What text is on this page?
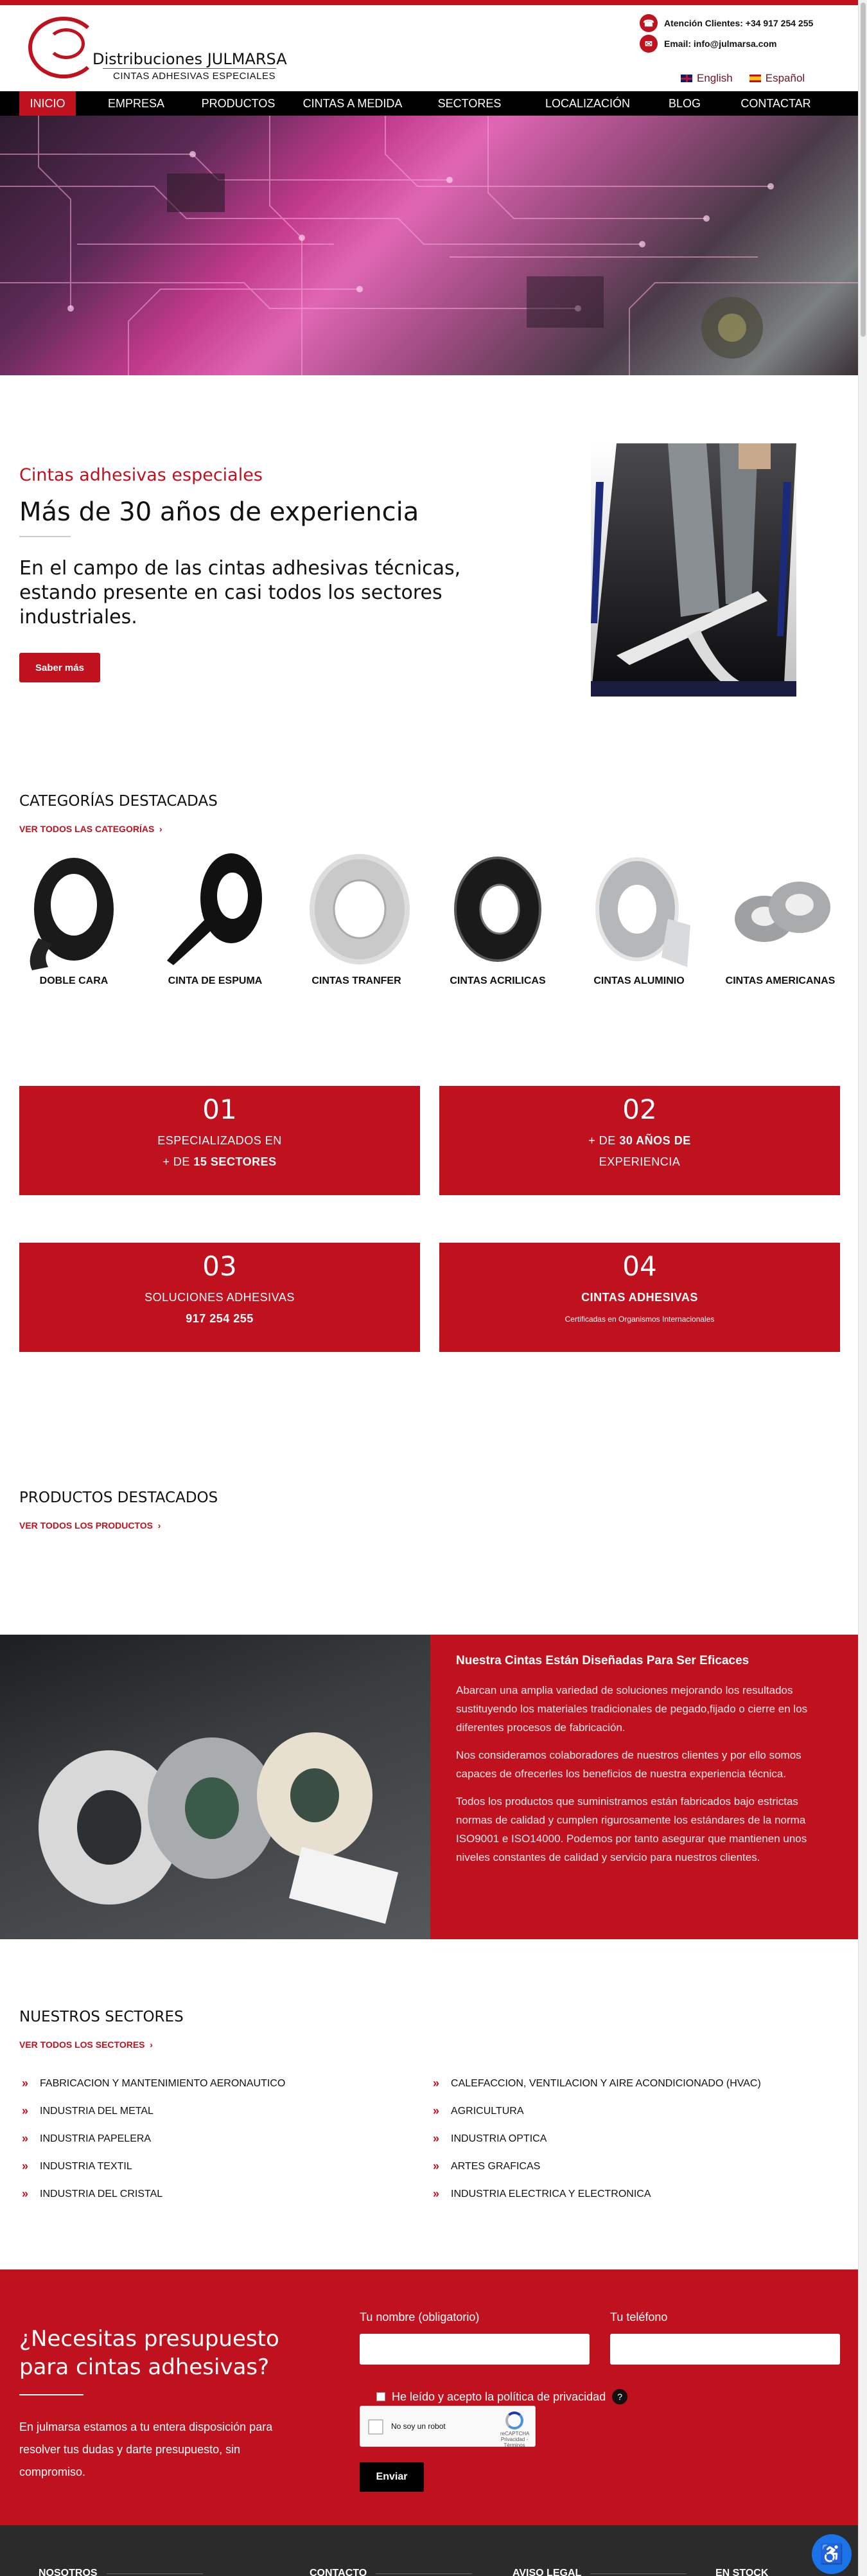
Distribuciones JULMARSA
CINTAS ADHESIVAS ESPECIALES
☎	Atención Clientes: +34 917 254 255
✉	Email: info@julmarsa.com
English	Español
INICIO	EMPRESA	PRODUCTOS	CINTAS A MEDIDA	SECTORES	LOCALIZACIÓN	BLOG	CONTACTAR
Cintas adhesivas especiales
Más de 30 años de experiencia
En el campo de las cintas adhesivas técnicas, estando presente en casi todos los sectores industriales.
Saber más
CATEGORÍAS DESTACADAS
VER TODOS LAS CATEGORÍAS  ›
DOBLE CARA	CINTA DE ESPUMA	CINTAS TRANFER	CINTAS ACRILICAS	CINTAS ALUMINIO	CINTAS AMERICANAS
01
ESPECIALIZADOS EN
+ DE 15 SECTORES
02
+ DE 30 AÑOS DE
EXPERIENCIA
03
SOLUCIONES ADHESIVAS
917 254 255
04
CINTAS ADHESIVAS
Certificadas en Organismos Internacionales
PRODUCTOS DESTACADOS
VER TODOS LOS PRODUCTOS  ›
Nuestra Cintas Están Diseñadas Para Ser Eficaces

Abarcan una amplia variedad de soluciones mejorando los resultados sustituyendo los materiales tradicionales de pegado,fijado o cierre en los diferentes procesos de fabricación.

Nos consideramos colaboradores de nuestros clientes y por ello somos capaces de ofrecerles los beneficios de nuestra experiencia técnica.

Todos los productos que suministramos están fabricados bajo estrictas normas de calidad y cumplen rigurosamente los estándares de la norma ISO9001 e ISO14000. Podemos por tanto asegurar que mantienen unos niveles constantes de calidad y servicio para nuestros clientes.

NUESTROS SECTORES
VER TODOS LOS SECTORES  ›
» FABRICACION Y MANTENIMIENTO AERONAUTICO
» INDUSTRIA DEL METAL
» INDUSTRIA PAPELERA
» INDUSTRIA TEXTIL
» INDUSTRIA DEL CRISTAL
» CALEFACCION, VENTILACION Y AIRE ACONDICIONADO (HVAC)
» AGRICULTURA
» INDUSTRIA OPTICA
» ARTES GRAFICAS
» INDUSTRIA ELECTRICA Y ELECTRONICA
¿Necesitas presupuesto para cintas adhesivas?
En julmarsa estamos a tu entera disposición para resolver tus dudas y darte presupuesto, sin compromiso.
Tu nombre (obligatorio)	Tu teléfono
He leído y acepto la política de privacidad	?
No soy un robot
reCAPTCHA
Privacidad - Términos
Enviar
NOSOTROS	CONTACTO	AVISO LEGAL	EN STOCK
♿
